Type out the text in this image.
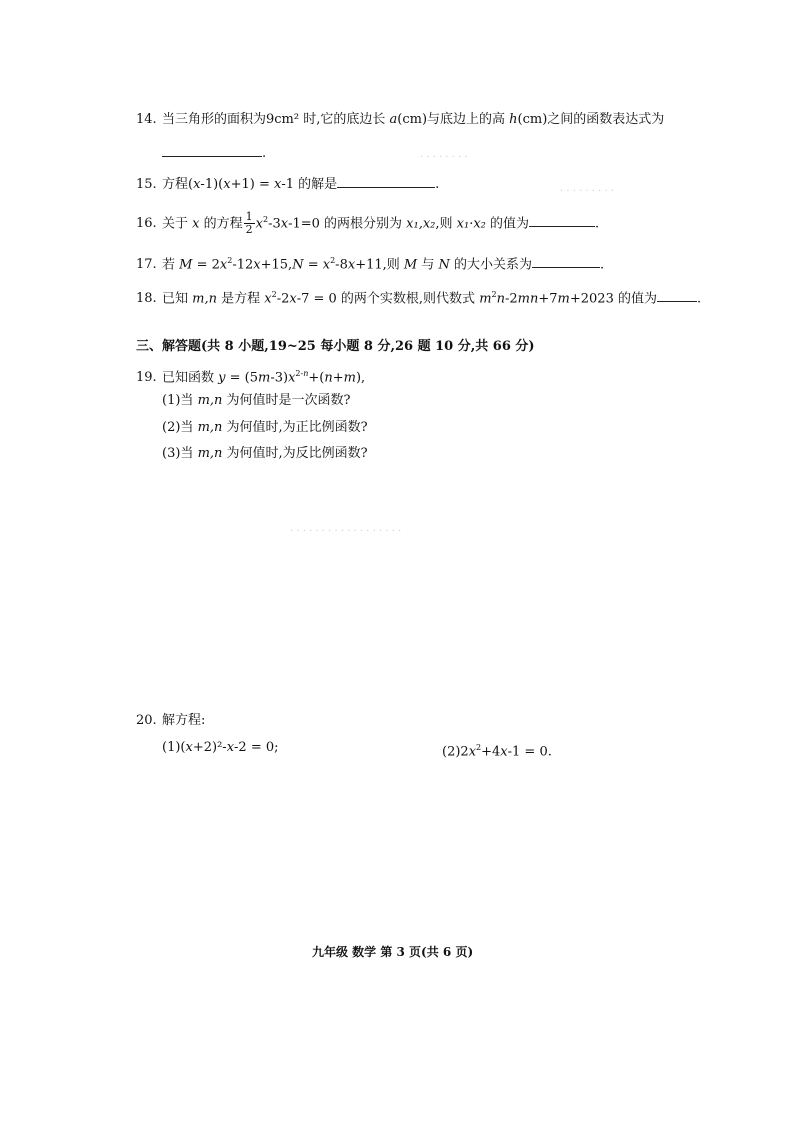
· · · · · · · ·
· · · · · · · · ·
· · · · · · · · · · · · · · · · · ·
14. 当三角形的面积为9cm² 时,它的底边长 a(cm)与底边上的高 h(cm)之间的函数表达式为
.
15. 方程(x-1)(x+1) = x-1 的解是	.
16. 关于 x 的方程 $\frac{1}{2} x^2-3x-1=0$ 的两根分别为 x₁,x₂,则 x₁·x₂ 的值为	.
17. 若 $M = 2x^2-12x+15,N = x^2-8x+11$,则 M 与 N 的大小关系为	.
18. 已知 m,n 是方程 $x^2-2x-7 = 0$ 的两个实数根,则代数式 $m^2n-2mn+7m+2023$ 的值为	.
三、解答题(共 8 小题,19~25 每小题 8 分,26 题 10 分,共 66 分)
19. 已知函数 $y = (5m-3)x^{2-n}+(n+m)$,
(1)当 m,n 为何值时是一次函数?
(2)当 m,n 为何值时,为正比例函数?
(3)当 m,n 为何值时,为反比例函数?
20. 解方程:
(1)(x+2)²-x-2 = 0;	$(2)2x^2+4x-1 = 0$.
九年级 数学 第 3 页(共 6 页)
